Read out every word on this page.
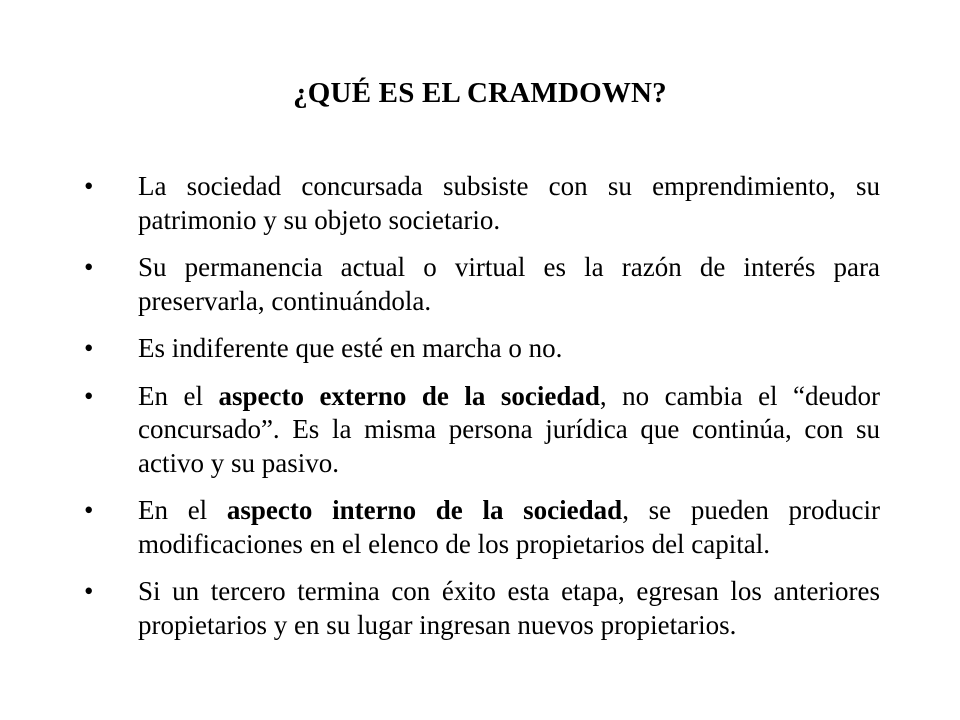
¿QUÉ ES EL CRAMDOWN?
•	La sociedad concursada subsiste con su emprendimiento, su patrimonio y su objeto societario.
•	Su permanencia actual o virtual es la razón de interés para preservarla, continuándola.
•	Es indiferente que esté en marcha o no.
•	En el aspecto externo de la sociedad, no cambia el “deudor concursado”. Es la misma persona jurídica que continúa, con su activo y su pasivo.
•	En el aspecto interno de la sociedad, se pueden producir modificaciones en el elenco de los propietarios del capital.
•	Si un tercero termina con éxito esta etapa, egresan los anteriores propietarios y en su lugar ingresan nuevos propietarios.
